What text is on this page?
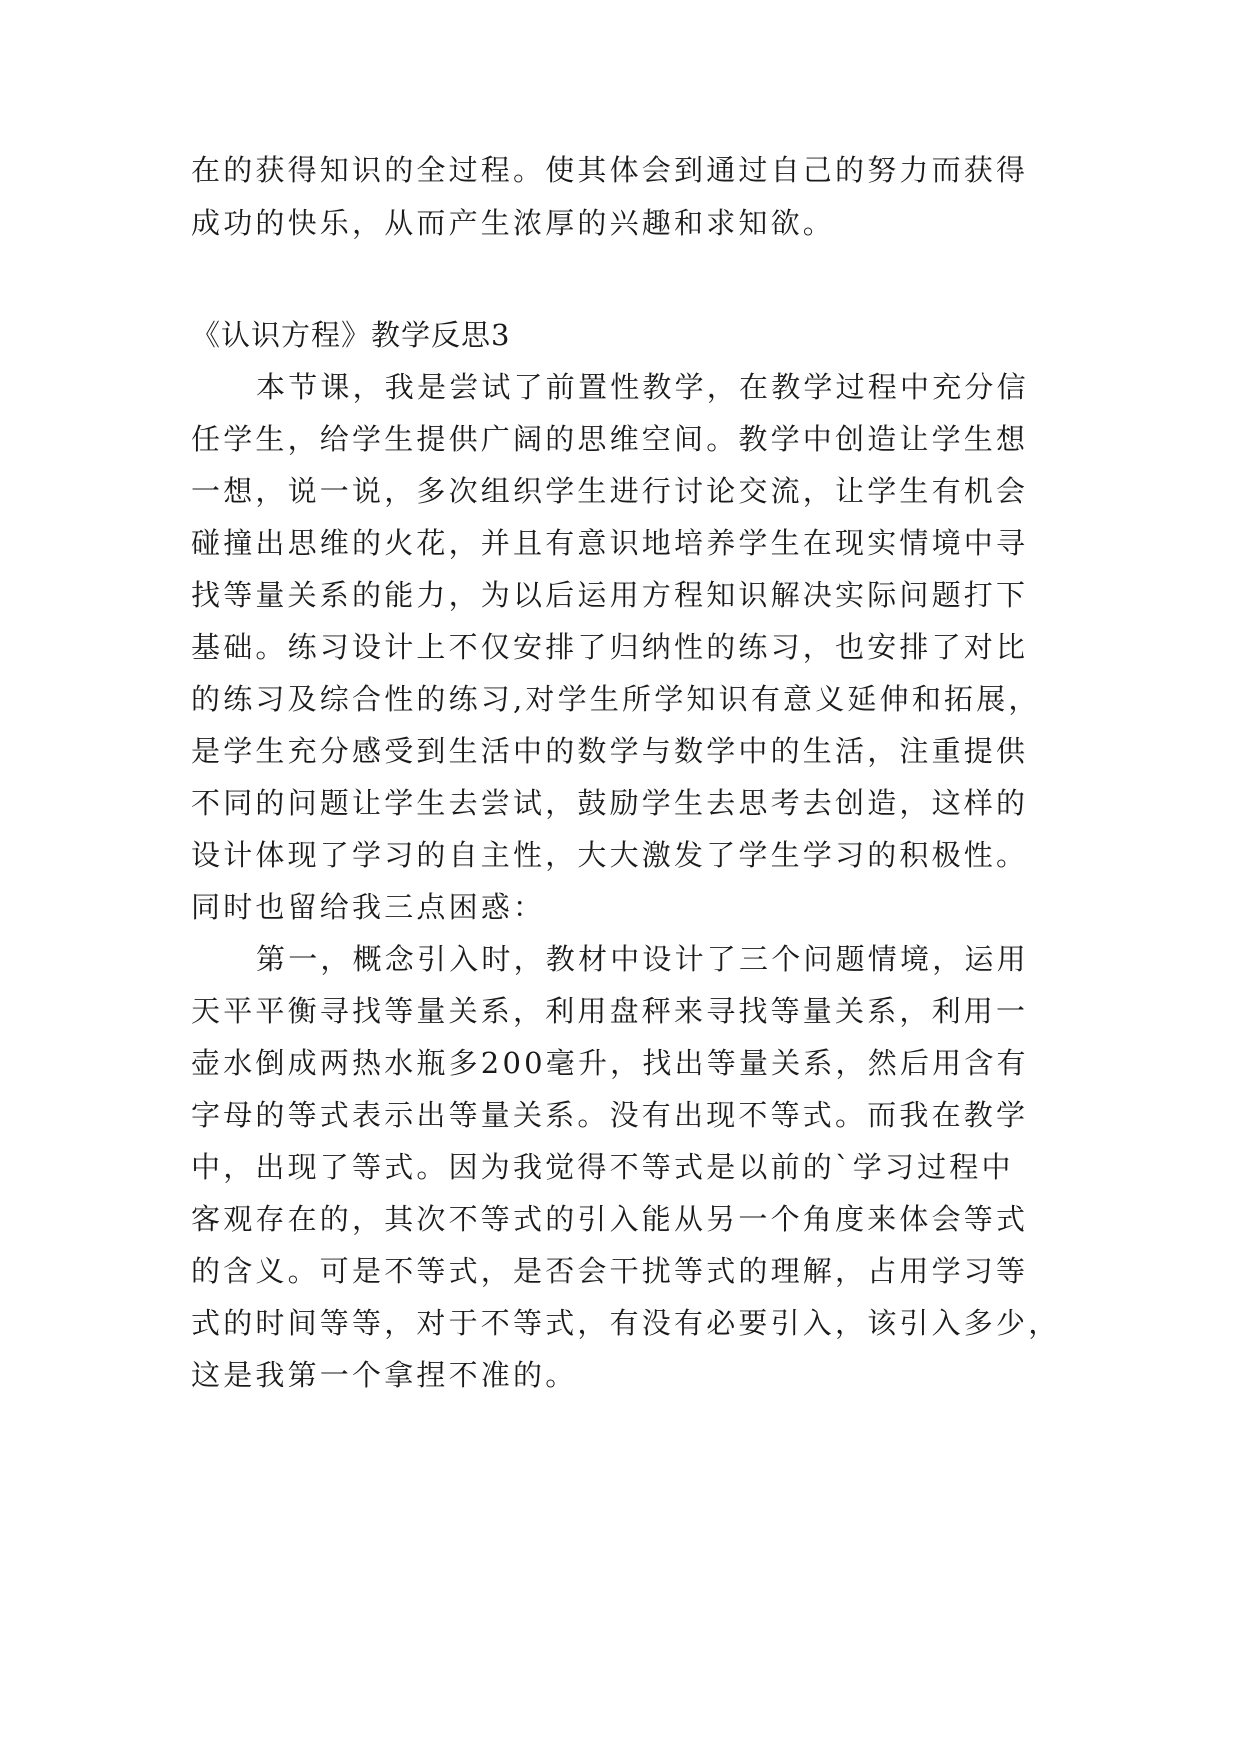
在的获得知识的全过程。使其体会到通过自己的努力而获得
成功的快乐，从而产生浓厚的兴趣和求知欲。
《认识方程》教学反思3
本节课，我是尝试了前置性教学，在教学过程中充分信
任学生，给学生提供广阔的思维空间。教学中创造让学生想
一想，说一说，多次组织学生进行讨论交流，让学生有机会
碰撞出思维的火花，并且有意识地培养学生在现实情境中寻
找等量关系的能力，为以后运用方程知识解决实际问题打下
基础。练习设计上不仅安排了归纳性的练习，也安排了对比
的练习及综合性的练习,对学生所学知识有意义延伸和拓展，
是学生充分感受到生活中的数学与数学中的生活，注重提供
不同的问题让学生去尝试，鼓励学生去思考去创造，这样的
设计体现了学习的自主性，大大激发了学生学习的积极性。
同时也留给我三点困惑：
第一，概念引入时，教材中设计了三个问题情境，运用
天平平衡寻找等量关系，利用盘秤来寻找等量关系，利用一
壶水倒成两热水瓶多200毫升，找出等量关系，然后用含有
字母的等式表示出等量关系。没有出现不等式。而我在教学
中，出现了等式。因为我觉得不等式是以前的`学习过程中
客观存在的，其次不等式的引入能从另一个角度来体会等式
的含义。可是不等式，是否会干扰等式的理解，占用学习等
式的时间等等，对于不等式，有没有必要引入，该引入多少，
这是我第一个拿捏不准的。
